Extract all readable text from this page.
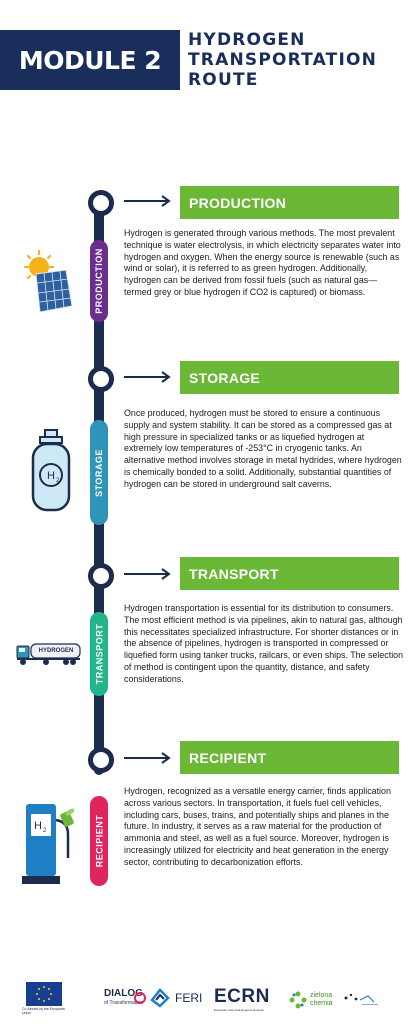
MODULE 2
HYDROGEN
TRANSPORTATION
ROUTE
PRODUCTION
PRODUCTION
Hydrogen is generated through various methods. The most prevalent technique is water electrolysis, in which electricity separates water into hydrogen and oxygen. When the energy source is renewable (such as wind or solar), it is referred to as green hydrogen. Additionally, hydrogen can be derived from fossil fuels (such as natural gas—termed grey or blue hydrogen if CO2 is captured) or biomass.
STORAGE
STORAGE
H 2
Once produced, hydrogen must be stored to ensure a continuous supply and system stability. It can be stored as a compressed gas at high pressure in specialized tanks or as liquefied hydrogen at extremely low temperatures of -253°C in cryogenic tanks. An alternative method involves storage in metal hydrides, where hydrogen is chemically bonded to a solid. Additionally, substantial quantities of hydrogen can be stored in underground salt caverns.
TRANSPORT
TRANSPORT
HYDROGEN
Hydrogen transportation is essential for its distribution to consumers. The most efficient method is via pipelines, akin to natural gas, although this necessitates specialized infrastructure. For shorter distances or in the absence of pipelines, hydrogen is transported in compressed or liquefied form using tanker trucks, railcars, or even ships. The selection of method is contingent upon the quantity, distance, and safety considerations.
RECIPIENT
RECIPIENT
H 2
Hydrogen, recognized as a versatile energy carrier, finds application across various sectors. In transportation, it fuels fuel cell vehicles, including cars, buses, trains, and potentially ships and planes in the future. In industry, it serves as a raw material for the production of ammonia and steel, as well as a fuel source. Moreover, hydrogen is increasingly utilized for electricity and heat generation in the energy sector, contributing to decarbonization efforts.
Co-funded by the European Union
DIALOG
of Transformation	FERI ECRN
European Chemical Regions Network
zielona chemia
